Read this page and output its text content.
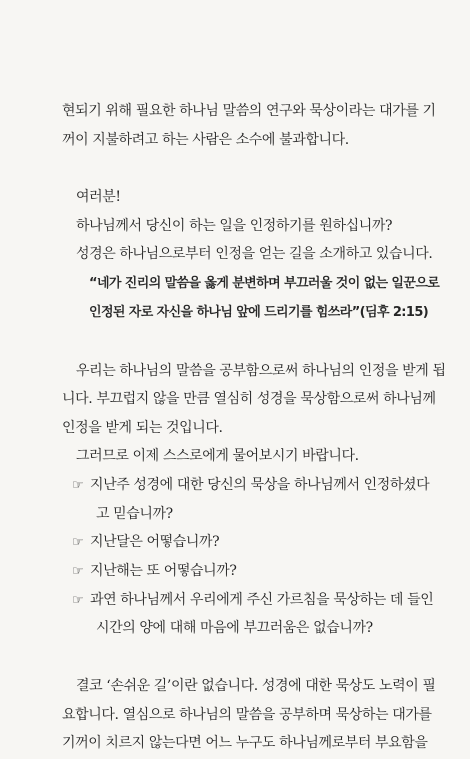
현되기 위해 필요한 하나님 말씀의 연구와 묵상이라는 대가를 기
꺼이 지불하려고 하는 사람은 소수에 불과합니다.
여러분!
하나님께서 당신이 하는 일을 인정하기를 원하십니까?
성경은 하나님으로부터 인정을 얻는 길을 소개하고 있습니다.
“네가 진리의 말씀을 옳게 분변하며 부끄러울 것이 없는 일꾼으로
인정된 자로 자신을 하나님 앞에 드리기를 힘쓰라”(딤후 2:15)
우리는 하나님의 말씀을 공부함으로써 하나님의 인정을 받게 됩
니다. 부끄럽지 않을 만큼 열심히 성경을 묵상함으로써 하나님께
인정을 받게 되는 것입니다.
그러므로 이제 스스로에게 물어보시기 바랍니다.
☞ 지난주 성경에 대한 당신의 묵상을 하나님께서 인정하셨다
고 믿습니까?
☞ 지난달은 어떻습니까?
☞ 지난해는 또 어떻습니까?
☞ 과연 하나님께서 우리에게 주신 가르침을 묵상하는 데 들인
시간의 양에 대해 마음에 부끄러움은 없습니까?
결코 ‘손쉬운 길’이란 없습니다. 성경에 대한 묵상도 노력이 필
요합니다. 열심으로 하나님의 말씀을 공부하며 묵상하는 대가를
기꺼이 치르지 않는다면 어느 누구도 하나님께로부터 부요함을
